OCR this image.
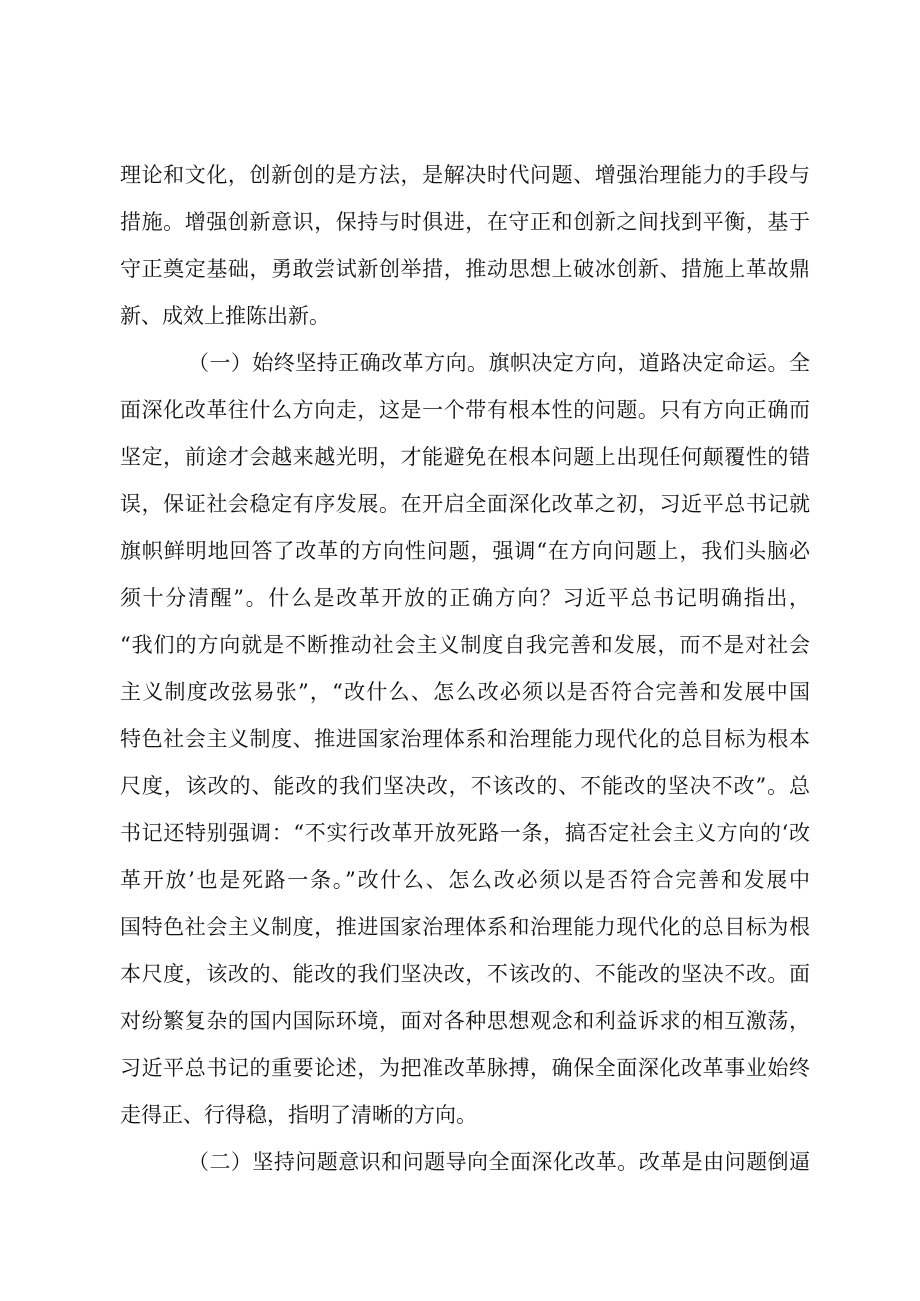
理论和文化，创新创的是方法，是解决时代问题、增强治理能力的手段与
措施。增强创新意识，保持与时俱进，在守正和创新之间找到平衡，基于
守正奠定基础，勇敢尝试新创举措，推动思想上破冰创新、措施上革故鼎
新、成效上推陈出新。
（一）始终坚持正确改革方向。旗帜决定方向，道路决定命运。全
面深化改革往什么方向走，这是一个带有根本性的问题。只有方向正确而
坚定，前途才会越来越光明，才能避免在根本问题上出现任何颠覆性的错
误，保证社会稳定有序发展。在开启全面深化改革之初，习近平总书记就
旗帜鲜明地回答了改革的方向性问题，强调“在方向问题上，我们头脑必
须十分清醒”。什么是改革开放的正确方向？习近平总书记明确指出，
“我们的方向就是不断推动社会主义制度自我完善和发展，而不是对社会
主义制度改弦易张”，“改什么、怎么改必须以是否符合完善和发展中国
特色社会主义制度、推进国家治理体系和治理能力现代化的总目标为根本
尺度，该改的、能改的我们坚决改，不该改的、不能改的坚决不改”。总
书记还特别强调：“不实行改革开放死路一条，搞否定社会主义方向的‘改
革开放’也是死路一条。”改什么、怎么改必须以是否符合完善和发展中
国特色社会主义制度，推进国家治理体系和治理能力现代化的总目标为根
本尺度，该改的、能改的我们坚决改，不该改的、不能改的坚决不改。面
对纷繁复杂的国内国际环境，面对各种思想观念和利益诉求的相互激荡，
习近平总书记的重要论述，为把准改革脉搏，确保全面深化改革事业始终
走得正、行得稳，指明了清晰的方向。
（二）坚持问题意识和问题导向全面深化改革。改革是由问题倒逼
